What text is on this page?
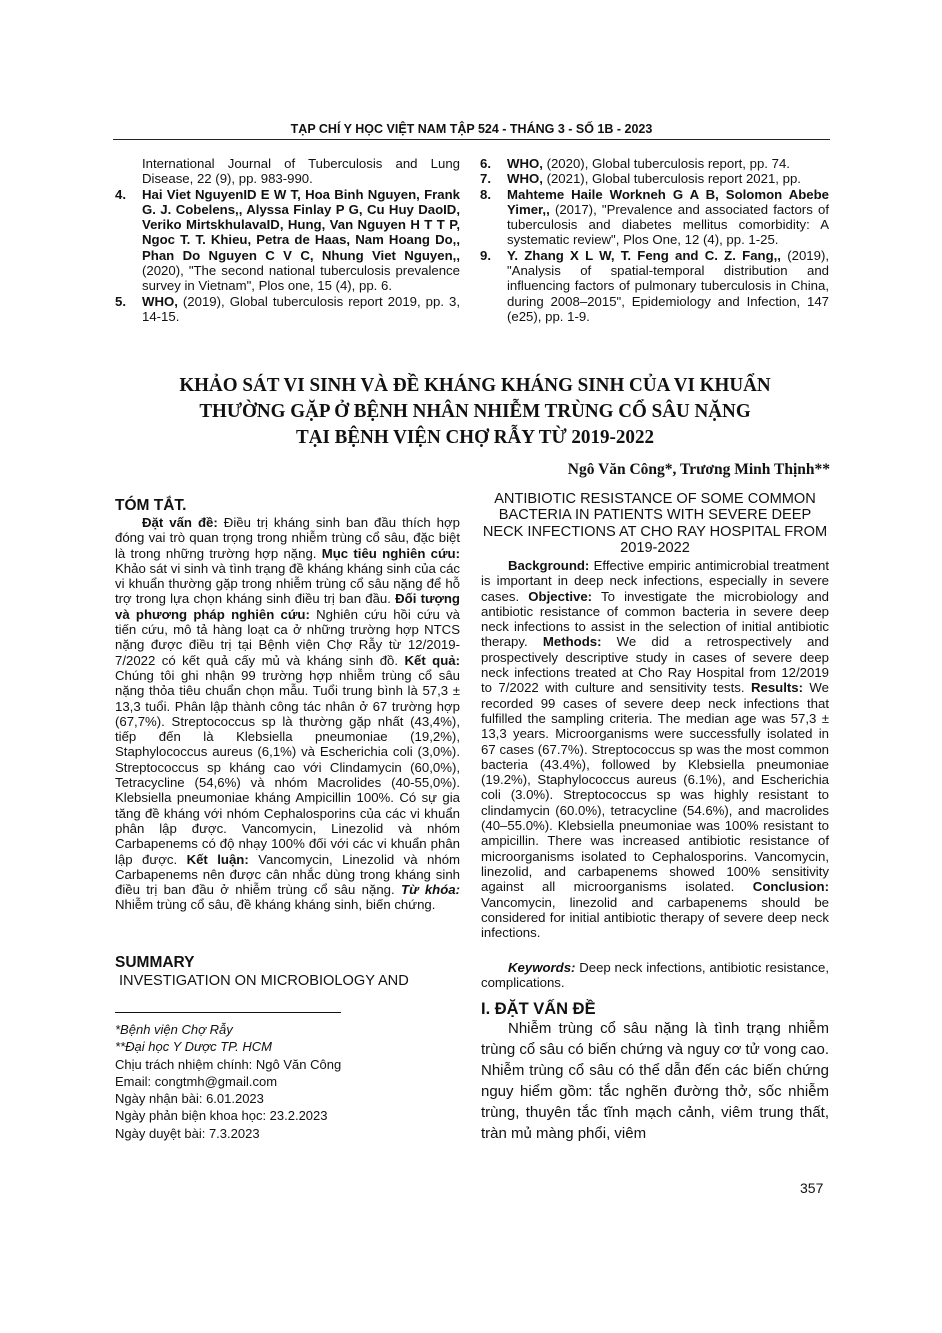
TẠP CHÍ Y HỌC VIỆT NAM TẬP 524 - THÁNG 3 - SỐ 1B - 2023
International Journal of Tuberculosis and Lung Disease, 22 (9), pp. 983-990.
4. Hai Viet NguyenID E W T, Hoa Binh Nguyen, Frank G. J. Cobelens,, Alyssa Finlay P G, Cu Huy DaoID, Veriko MirtskhulavaID, Hung, Van Nguyen H T T P, Ngoc T. T. Khieu, Petra de Haas, Nam Hoang Do,, Phan Do Nguyen C V C, Nhung Viet Nguyen,, (2020), "The second national tuberculosis prevalence survey in Vietnam", Plos one, 15 (4), pp. 6.
5. WHO, (2019), Global tuberculosis report 2019, pp. 3, 14-15.
6. WHO, (2020), Global tuberculosis report, pp. 74.
7. WHO, (2021), Global tuberculosis report 2021, pp.
8. Mahteme Haile Workneh G A B, Solomon Abebe Yimer,, (2017), "Prevalence and associated factors of tuberculosis and diabetes mellitus comorbidity: A systematic review", Plos One, 12 (4), pp. 1-25.
9. Y. Zhang X L W, T. Feng and C. Z. Fang,, (2019), "Analysis of spatial-temporal distribution and influencing factors of pulmonary tuberculosis in China, during 2008–2015", Epidemiology and Infection, 147 (e25), pp. 1-9.
KHẢO SÁT VI SINH VÀ ĐỀ KHÁNG KHÁNG SINH CỦA VI KHUẨN
THƯỜNG GẶP Ở BỆNH NHÂN NHIỄM TRÙNG CỔ SÂU NẶNG
TẠI BỆNH VIỆN CHỢ RẪY TỪ 2019-2022
Ngô Văn Công*, Trương Minh Thịnh**
TÓM TẮT.
Đặt vấn đề: Điều trị kháng sinh ban đầu thích hợp đóng vai trò quan trọng trong nhiễm trùng cổ sâu, đặc biệt là trong những trường hợp nặng. Mục tiêu nghiên cứu: Khảo sát vi sinh và tình trạng đề kháng kháng sinh của các vi khuẩn thường gặp trong nhiễm trùng cổ sâu nặng để hỗ trợ trong lựa chọn kháng sinh điều trị ban đầu. Đối tượng và phương pháp nghiên cứu: Nghiên cứu hồi cứu và tiến cứu, mô tả hàng loạt ca ở những trường hợp NTCS nặng được điều trị tại Bệnh viện Chợ Rẫy từ 12/2019-7/2022 có kết quả cấy mủ và kháng sinh đồ. Kết quả: Chúng tôi ghi nhận 99 trường hợp nhiễm trùng cổ sâu nặng thỏa tiêu chuẩn chọn mẫu. Tuổi trung bình là 57,3 ± 13,3 tuổi. Phân lập thành công tác nhân ở 67 trường hợp (67,7%). Streptococcus sp là thường gặp nhất (43,4%), tiếp đến là Klebsiella pneumoniae (19,2%), Staphylococcus aureus (6,1%) và Escherichia coli (3,0%). Streptococcus sp kháng cao với Clindamycin (60,0%), Tetracycline (54,6%) và nhóm Macrolides (40-55,0%). Klebsiella pneumoniae kháng Ampicillin 100%. Có sự gia tăng đề kháng với nhóm Cephalosporins của các vi khuẩn phân lập được. Vancomycin, Linezolid và nhóm Carbapenems có độ nhạy 100% đối với các vi khuẩn phân lập được. Kết luận: Vancomycin, Linezolid và nhóm Carbapenems nên được cân nhắc dùng trong kháng sinh điều trị ban đầu ở nhiễm trùng cổ sâu nặng. Từ khóa: Nhiễm trùng cổ sâu, đề kháng kháng sinh, biến chứng.
SUMMARY
INVESTIGATION ON MICROBIOLOGY AND
*Bệnh viện Chợ Rẫy
**Đại học Y Dược TP. HCM
Chịu trách nhiệm chính: Ngô Văn Công
Email: congtmh@gmail.com
Ngày nhận bài: 6.01.2023
Ngày phản biện khoa học: 23.2.2023
Ngày duyệt bài: 7.3.2023
ANTIBIOTIC RESISTANCE OF SOME COMMON BACTERIA IN PATIENTS WITH SEVERE DEEP NECK INFECTIONS AT CHO RAY HOSPITAL FROM 2019-2022
Background: Effective empiric antimicrobial treatment is important in deep neck infections, especially in severe cases. Objective: To investigate the microbiology and antibiotic resistance of common bacteria in severe deep neck infections to assist in the selection of initial antibiotic therapy. Methods: We did a retrospectively and prospectively descriptive study in cases of severe deep neck infections treated at Cho Ray Hospital from 12/2019 to 7/2022 with culture and sensitivity tests. Results: We recorded 99 cases of severe deep neck infections that fulfilled the sampling criteria. The median age was 57,3 ± 13,3 years. Microorganisms were successfully isolated in 67 cases (67.7%). Streptococcus sp was the most common bacteria (43.4%), followed by Klebsiella pneumoniae (19.2%), Staphylococcus aureus (6.1%), and Escherichia coli (3.0%). Streptococcus sp was highly resistant to clindamycin (60.0%), tetracycline (54.6%), and macrolides (40–55.0%). Klebsiella pneumoniae was 100% resistant to ampicillin. There was increased antibiotic resistance of microorganisms isolated to Cephalosporins. Vancomycin, linezolid, and carbapenems showed 100% sensitivity against all microorganisms isolated. Conclusion: Vancomycin, linezolid and carbapenems should be considered for initial antibiotic therapy of severe deep neck infections.
Keywords: Deep neck infections, antibiotic resistance, complications.
I. ĐẶT VẤN ĐỀ
Nhiễm trùng cổ sâu nặng là tình trạng nhiễm trùng cổ sâu có biến chứng và nguy cơ tử vong cao. Nhiễm trùng cổ sâu có thể dẫn đến các biến chứng nguy hiểm gồm: tắc nghẽn đường thở, sốc nhiễm trùng, thuyên tắc tĩnh mạch cảnh, viêm trung thất, tràn mủ màng phổi, viêm
357
